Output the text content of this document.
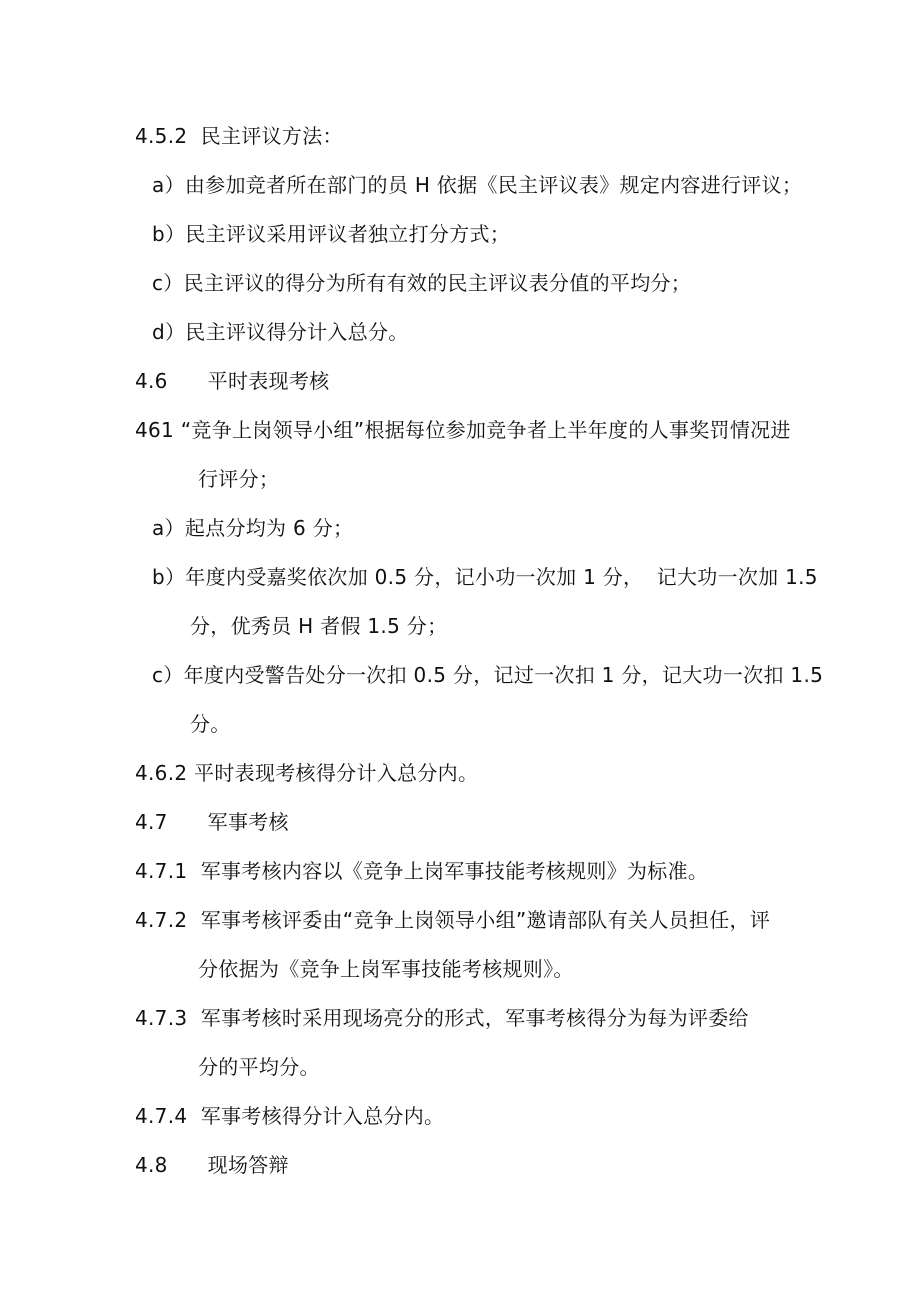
4.5.2  民主评议方法：
a）由参加竞者所在部门的员 H 依据《民主评议表》规定内容进行评议；
b）民主评议采用评议者独立打分方式；
c）民主评议的得分为所有有效的民主评议表分值的平均分；
d）民主评议得分计入总分。
4.6      平时表现考核
461 “竞争上岗领导小组”根据每位参加竞争者上半年度的人事奖罚情况进
行评分；
a）起点分均为 6 分；
b）年度内受嘉奖依次加 0.5 分，记小功一次加 1 分，  记大功一次加 1.5
分，优秀员 H 者假 1.5 分；
c）年度内受警告处分一次扣 0.5 分，记过一次扣 1 分，记大功一次扣 1.5
分。
4.6.2 平时表现考核得分计入总分内。
4.7      军事考核
4.7.1  军事考核内容以《竞争上岗军事技能考核规则》为标准。
4.7.2  军事考核评委由“竞争上岗领导小组”邀请部队有关人员担任，评
分依据为《竞争上岗军事技能考核规则》。
4.7.3  军事考核时采用现场亮分的形式，军事考核得分为每为评委给
分的平均分。
4.7.4  军事考核得分计入总分内。
4.8      现场答辩
